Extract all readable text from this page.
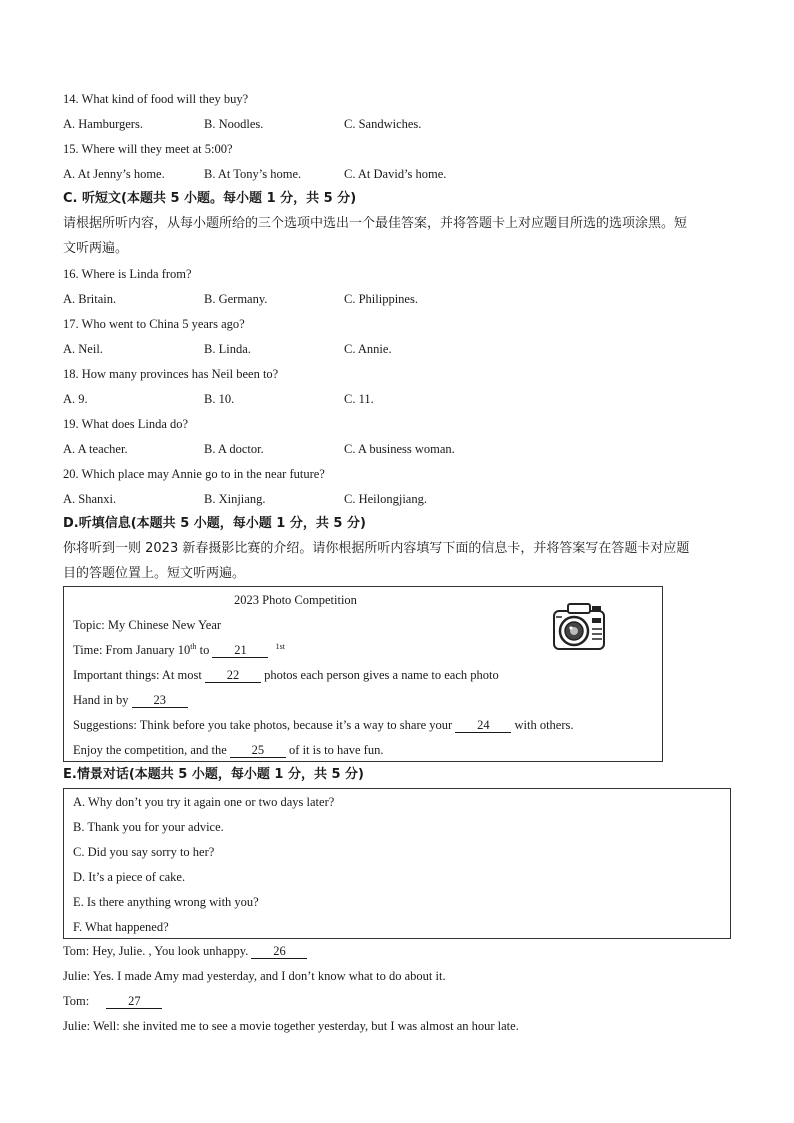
14. What kind of food will they buy?
A. Hamburgers.	B. Noodles.	C. Sandwiches.
15. Where will they meet at 5:00?
A. At Jenny’s home.	B. At Tony’s home.	C. At David’s home.
C. 听短文(本题共 5 小题。每小题 1 分，共 5 分)
请根据所听内容，从每小题所给的三个选项中选出一个最佳答案，并将答题卡上对应题目所选的选项涂黑。短
文听两遍。
16. Where is Linda from?
A. Britain.	B. Germany.	C. Philippines.
17. Who went to China 5 years ago?
A. Neil.	B. Linda.	C. Annie.
18. How many provinces has Neil been to?
A. 9.	B. 10.	C. 11.
19. What does Linda do?
A. A teacher.	B. A doctor.	C. A business woman.
20. Which place may Annie go to in the near future?
A. Shanxi.	B. Xinjiang.	C. Heilongjiang.
D.听填信息(本题共 5 小题，每小题 1 分，共 5 分)
你将听到一则 2023 新春摄影比赛的介绍。请你根据所听内容填写下面的信息卡，并将答案写在答题卡对应题
目的答题位置上。短文听两遍。
2023 Photo Competition
Topic: My Chinese New Year
Time: From January 10th to 21	$^{1st}$
Important things: At most 22 photos each person gives a name to each photo
Hand in by 23
Suggestions: Think before you take photos, because it’s a way to share your 24 with others.
Enjoy the competition, and the 25 of it is to have fun.
E.情景对话(本题共 5 小题，每小题 1 分，共 5 分)
A. Why don’t you try it again one or two days later?
B. Thank you for your advice.
C. Did you say sorry to her?
D. It’s a piece of cake.
E. Is there anything wrong with you?
F. What happened?
Tom: Hey, Julie. , You look unhappy. 26
Julie: Yes. I made Amy mad yesterday, and I don’t know what to do about it.
Tom:	27
Julie: Well: she invited me to see a movie together yesterday, but I was almost an hour late.
